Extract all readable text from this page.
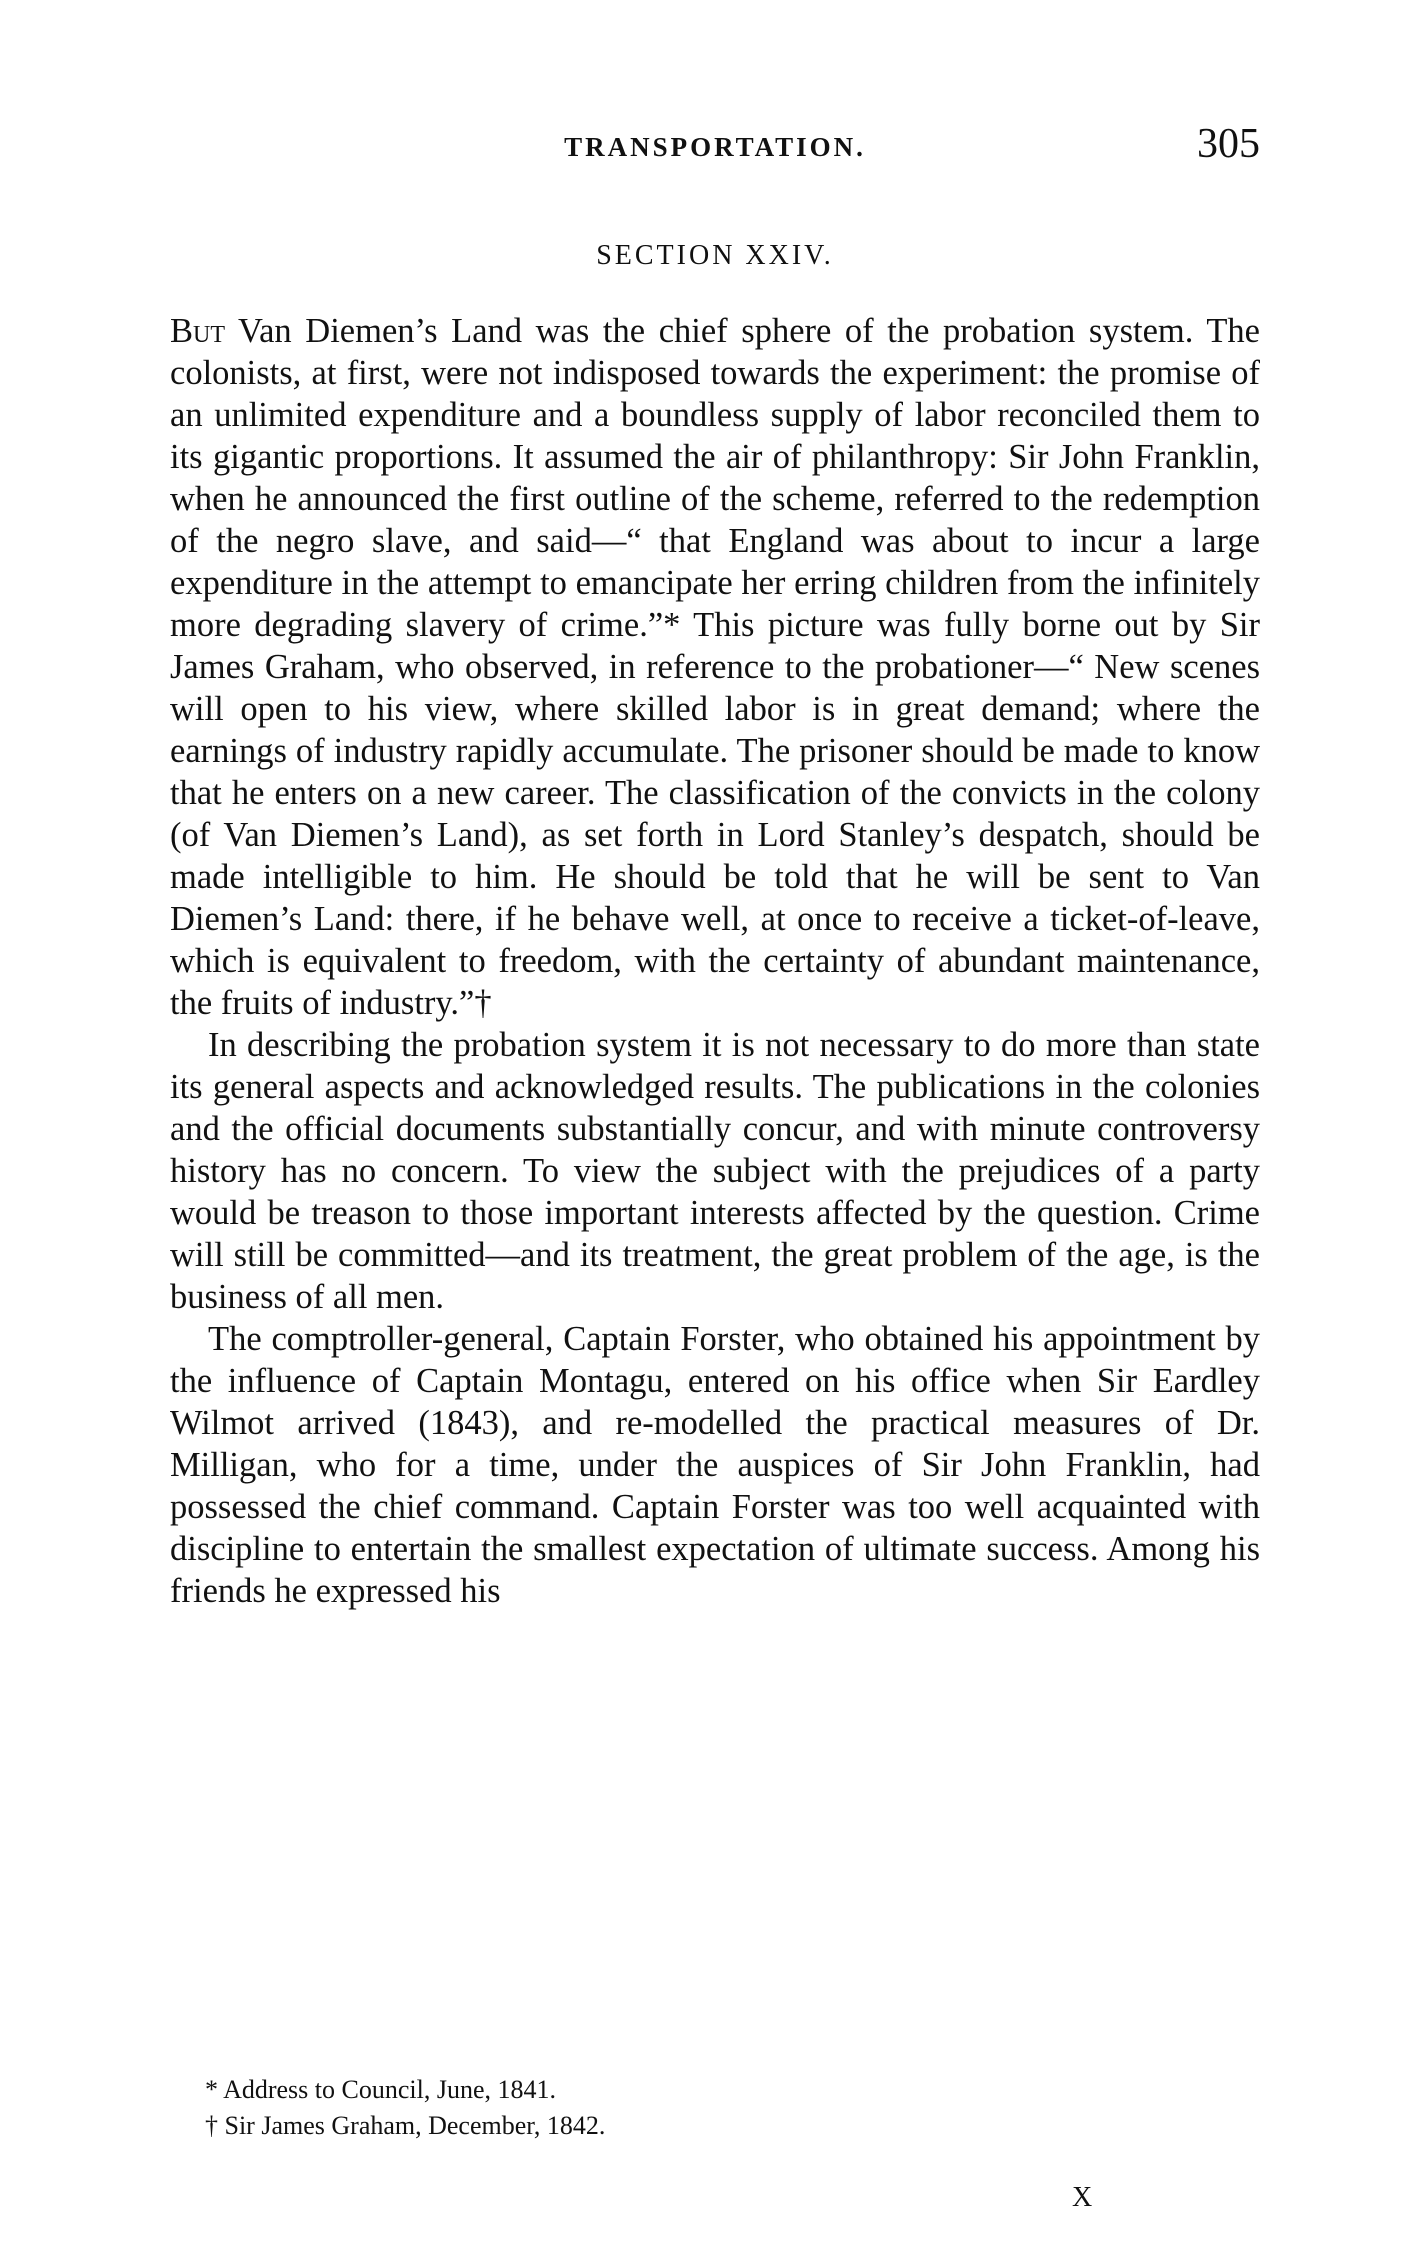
TRANSPORTATION.	305
SECTION XXIV.

But Van Diemen’s Land was the chief sphere of the probation system. The colonists, at first, were not indisposed towards the experiment: the promise of an unlimited expenditure and a boundless supply of labor reconciled them to its gigantic proportions. It assumed the air of philanthropy: Sir John Franklin, when he announced the first outline of the scheme, referred to the redemption of the negro slave, and said—“ that England was about to incur a large expenditure in the attempt to emancipate her erring children from the infinitely more degrading slavery of crime.”* This picture was fully borne out by Sir James Graham, who observed, in reference to the probationer—“ New scenes will open to his view, where skilled labor is in great demand; where the earnings of industry rapidly accumulate. The prisoner should be made to know that he enters on a new career. The classification of the convicts in the colony (of Van Diemen’s Land), as set forth in Lord Stanley’s despatch, should be made intelligible to him. He should be told that he will be sent to Van Diemen’s Land: there, if he behave well, at once to receive a ticket-of-leave, which is equivalent to freedom, with the certainty of abundant maintenance, the fruits of industry.”†

In describing the probation system it is not necessary to do more than state its general aspects and acknowledged results. The publications in the colonies and the official documents substantially concur, and with minute controversy history has no concern. To view the subject with the prejudices of a party would be treason to those important interests affected by the question. Crime will still be committed—and its treatment, the great problem of the age, is the business of all men.

The comptroller-general, Captain Forster, who obtained his appointment by the influence of Captain Montagu, entered on his office when Sir Eardley Wilmot arrived (1843), and re-modelled the practical measures of Dr. Milligan, who for a time, under the auspices of Sir John Franklin, had possessed the chief command. Captain Forster was too well acquainted with discipline to entertain the smallest expectation of ultimate success. Among his friends he expressed his

* Address to Council, June, 1841.

† Sir James Graham, December, 1842.

X
